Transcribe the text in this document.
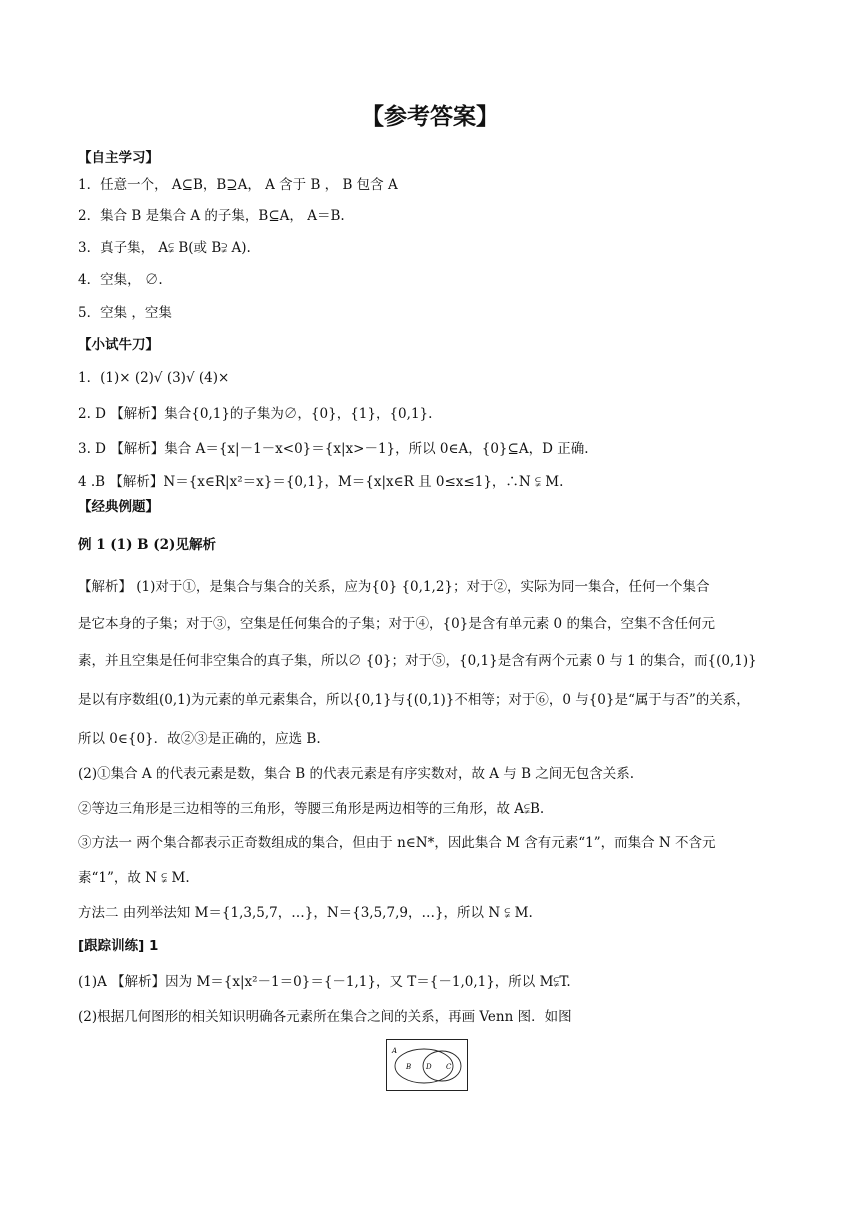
【参考答案】
【自主学习】
1．任意一个， A⊆B，B⊇A， A 含于 B ， B 包含 A
2．集合 B 是集合 A 的子集，B⊆A， A＝B.
3．真子集， A⫋ B(或 B⫌ A).
4．空集， ∅.
5．空集 ，空集
【小试牛刀】
1．(1)× (2)√ (3)√ (4)×
2. D 【解析】集合{0,1}的子集为∅，{0}，{1}，{0,1}.
3. D 【解析】集合 A＝{x|－1－x<0}＝{x|x>－1}，所以 0∈A，{0}⊆A，D 正确.
4 .B 【解析】N＝{x∈R|x²＝x}＝{0,1}，M＝{x|x∈R 且 0≤x≤1}，∴N ⫋ M.
【经典例题】
例 1 (1) B (2)见解析
【解析】 (1)对于①，是集合与集合的关系，应为{0} {0,1,2}；对于②，实际为同一集合，任何一个集合
是它本身的子集；对于③，空集是任何集合的子集；对于④，{0}是含有单元素 0 的集合，空集不含任何元
素，并且空集是任何非空集合的真子集，所以∅ {0}；对于⑤，{0,1}是含有两个元素 0 与 1 的集合，而{(0,1)}
是以有序数组(0,1)为元素的单元素集合，所以{0,1}与{(0,1)}不相等；对于⑥，0 与{0}是“属于与否”的关系，
所以 0∈{0}．故②③是正确的，应选 B.
(2)①集合 A 的代表元素是数，集合 B 的代表元素是有序实数对，故 A 与 B 之间无包含关系.
②等边三角形是三边相等的三角形，等腰三角形是两边相等的三角形，故 A⫋B.
③方法一 两个集合都表示正奇数组成的集合，但由于 n∈N*，因此集合 M 含有元素“1”，而集合 N 不含元
素“1”，故 N ⫋ M.
方法二 由列举法知 M＝{1,3,5,7，…}，N＝{3,5,7,9，…}，所以 N ⫋ M.
[跟踪训练] 1
(1)A 【解析】因为 M＝{x|x²－1＝0}＝{－1,1}，又 T＝{－1,0,1}，所以 M⫋T.
(2)根据几何图形的相关知识明确各元素所在集合之间的关系，再画 Venn 图．如图
A
B D C
